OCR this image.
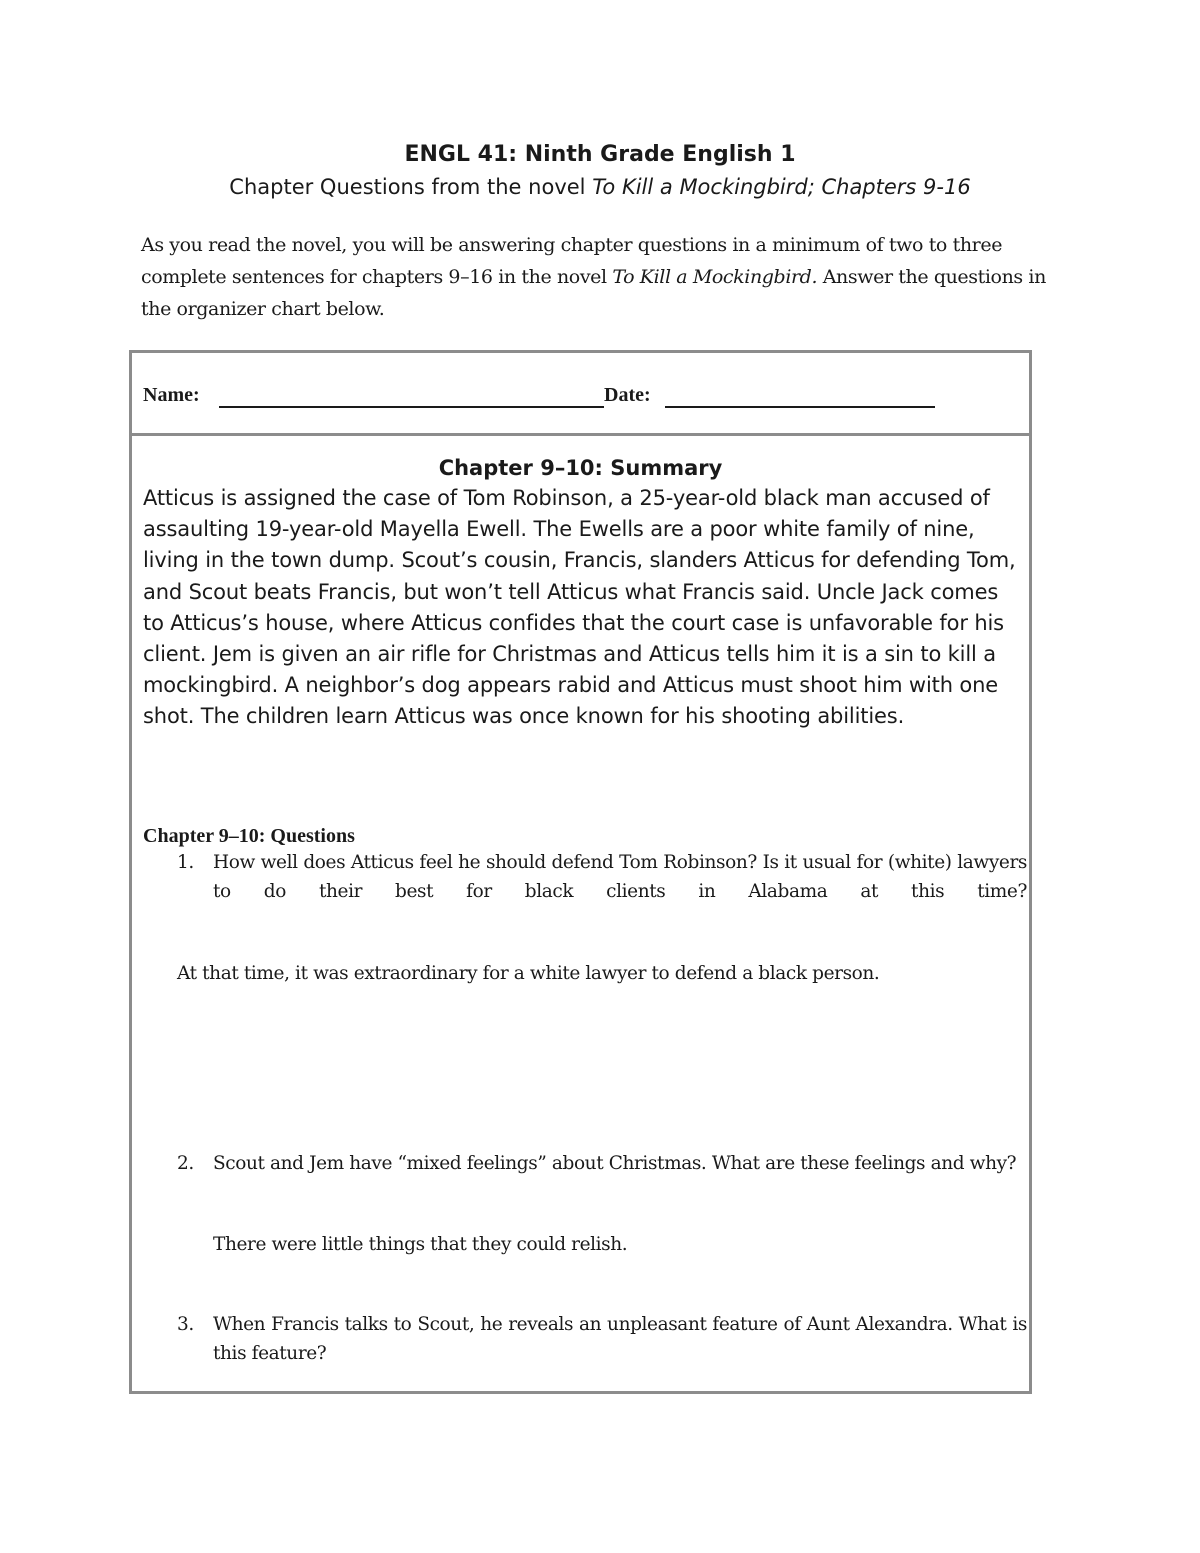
ENGL 41: Ninth Grade English 1
Chapter Questions from the novel To Kill a Mockingbird; Chapters 9-16
As you read the novel, you will be answering chapter questions in a minimum of two to three complete sentences for chapters 9–16 in the novel To Kill a Mockingbird. Answer the questions in the organizer chart below.
Name:	Date:
Chapter 9–10: Summary
Atticus is assigned the case of Tom Robinson, a 25-year-old black man accused of assaulting 19-year-old Mayella Ewell. The Ewells are a poor white family of nine, living in the town dump. Scout’s cousin, Francis, slanders Atticus for defending Tom, and Scout beats Francis, but won’t tell Atticus what Francis said. Uncle Jack comes to Atticus’s house, where Atticus confides that the court case is unfavorable for his client. Jem is given an air rifle for Christmas and Atticus tells him it is a sin to kill a mockingbird. A neighbor’s dog appears rabid and Atticus must shoot him with one shot. The children learn Atticus was once known for his shooting abilities.
Chapter 9–10: Questions
1. How well does Atticus feel he should defend Tom Robinson? Is it usual for (white) lawyers to do their best for black clients in Alabama at this time?
At that time, it was extraordinary for a white lawyer to defend a black person.
2. Scout and Jem have “mixed feelings” about Christmas. What are these feelings and why?
There were little things that they could relish.
3. When Francis talks to Scout, he reveals an unpleasant feature of Aunt Alexandra. What is this feature?
